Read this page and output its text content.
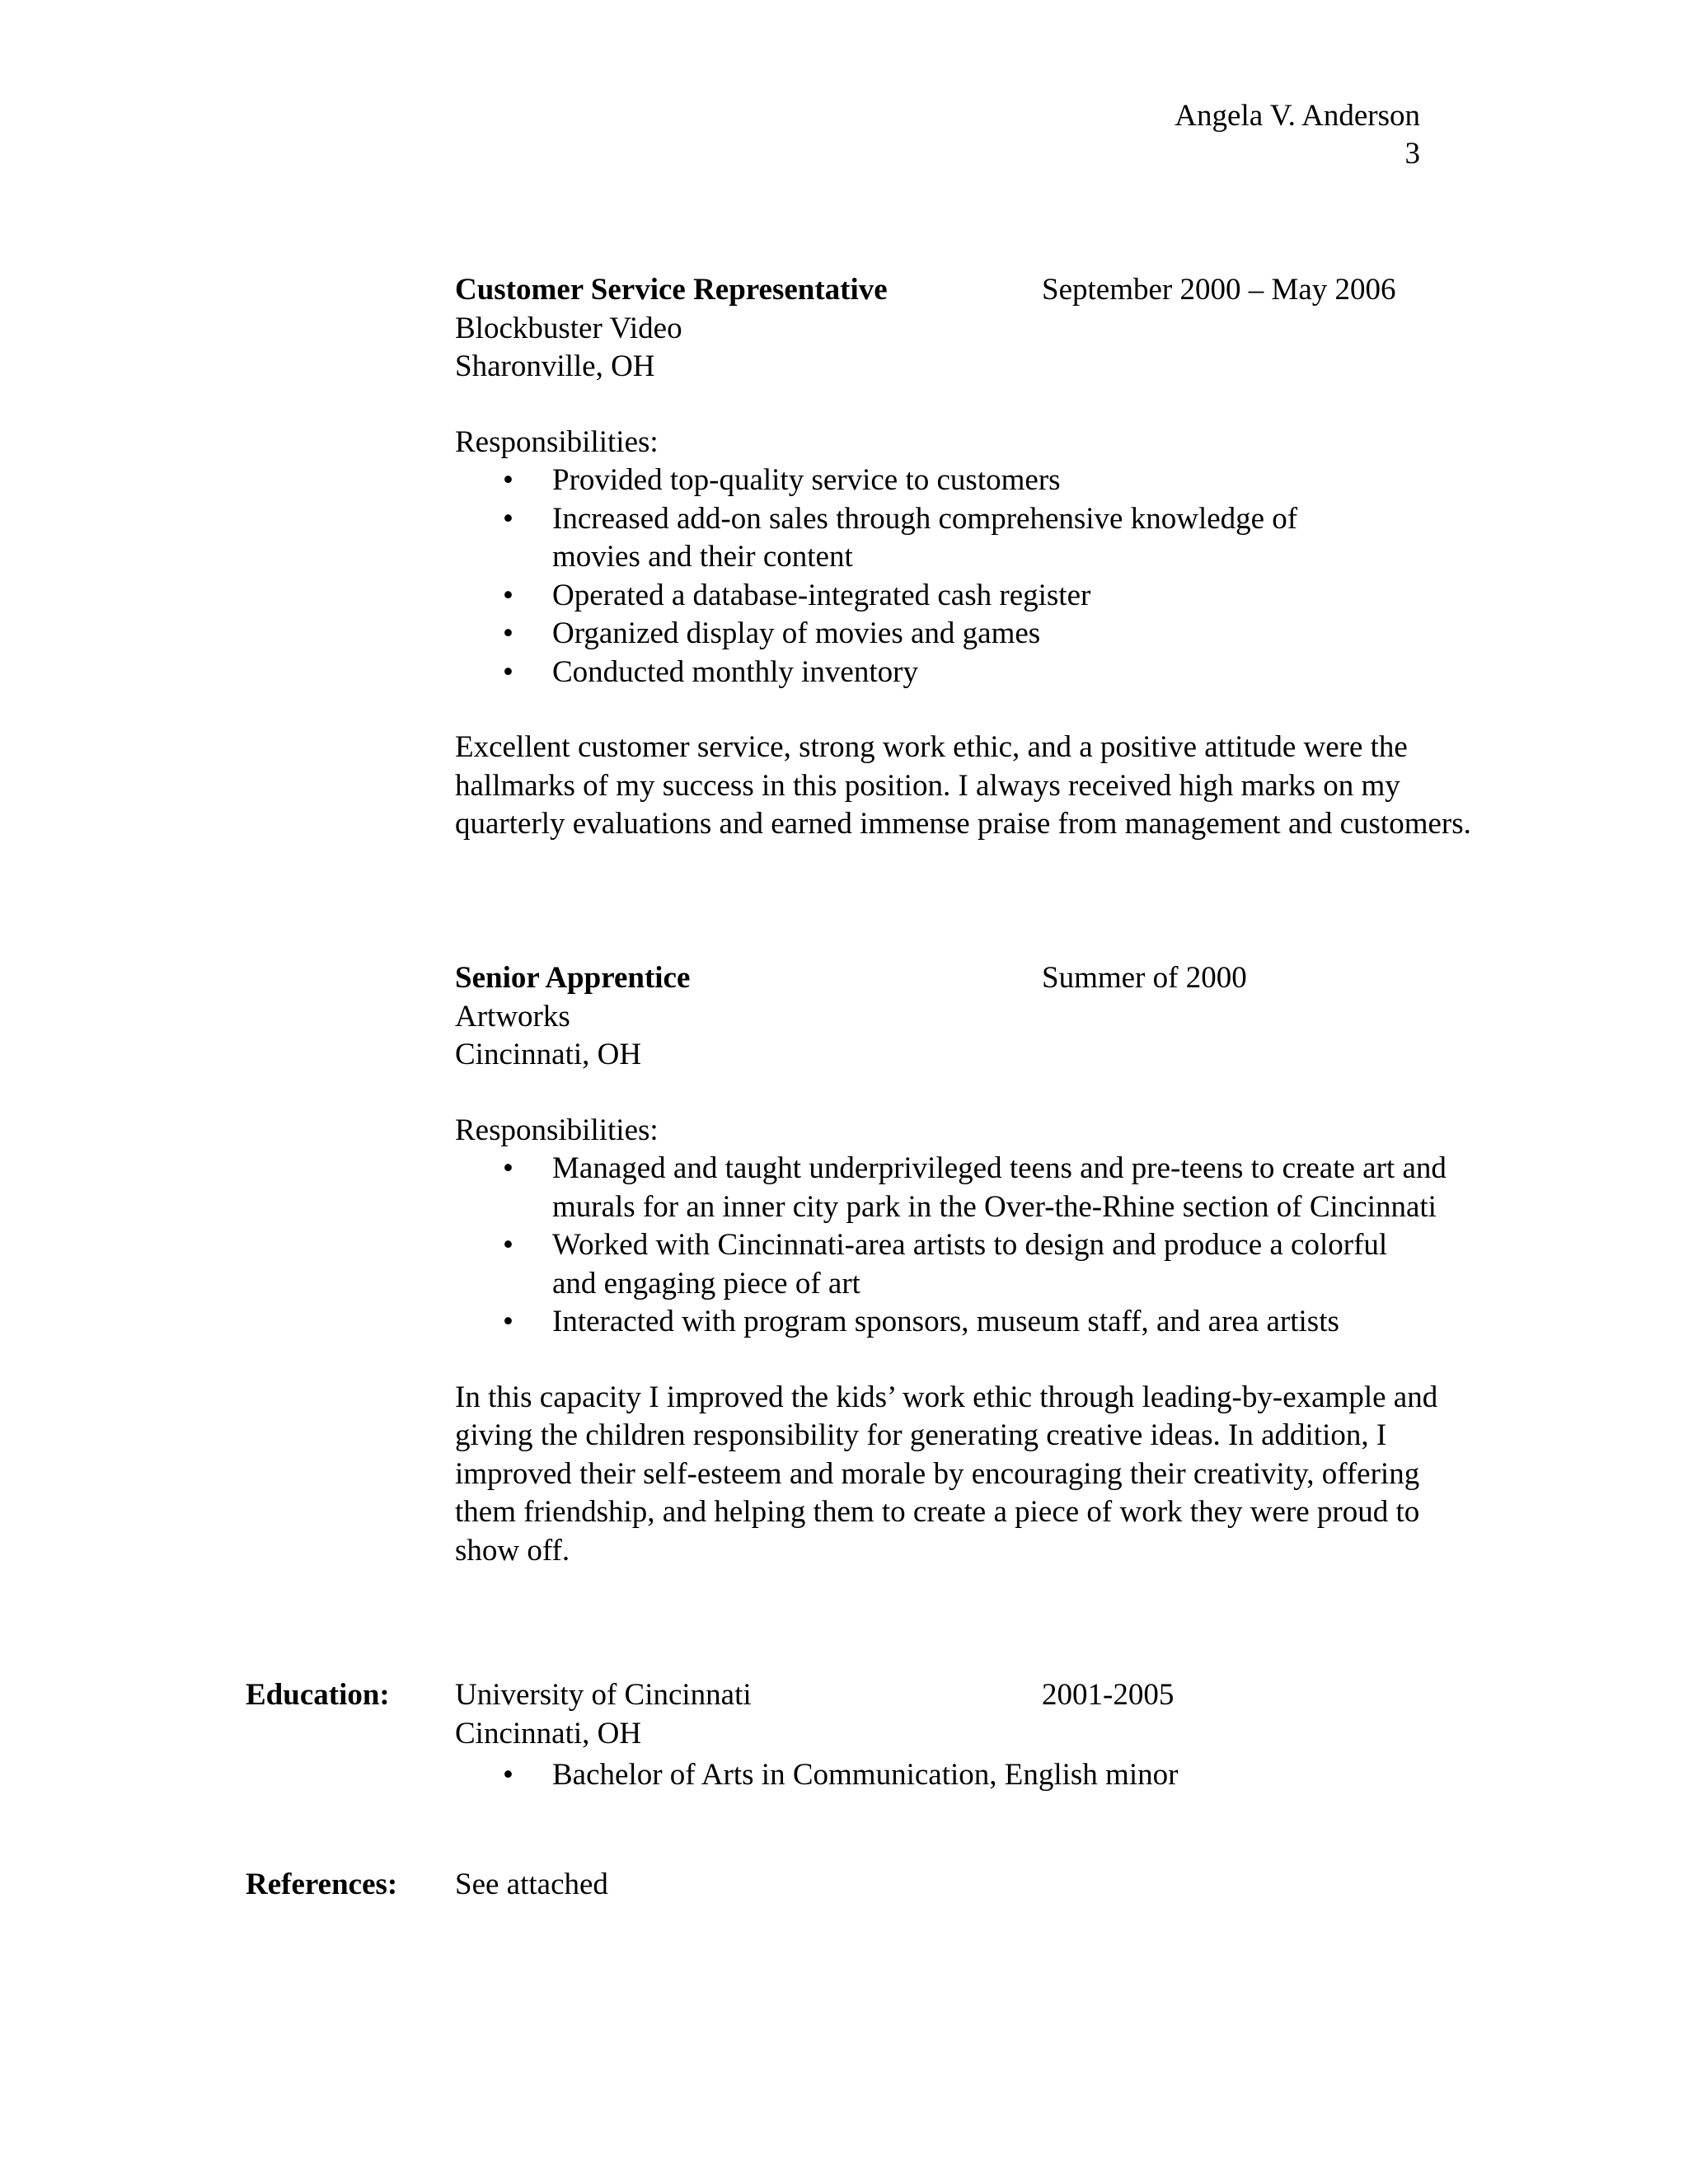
Angela V. Anderson
3
Customer Service Representative	September 2000 – May 2006
Blockbuster Video
Sharonville, OH
Responsibilities:
• Provided top-quality service to customers
• Increased add-on sales through comprehensive knowledge of movies and their content
• Operated a database-integrated cash register
• Organized display of movies and games
• Conducted monthly inventory
Excellent customer service, strong work ethic, and a positive attitude were the hallmarks of my success in this position. I always received high marks on my quarterly evaluations and earned immense praise from management and customers.
Senior Apprentice	Summer of 2000
Artworks
Cincinnati, OH
Responsibilities:
• Managed and taught underprivileged teens and pre-teens to create art and murals for an inner city park in the Over-the-Rhine section of Cincinnati
• Worked with Cincinnati-area artists to design and produce a colorful and engaging piece of art
• Interacted with program sponsors, museum staff, and area artists
In this capacity I improved the kids’ work ethic through leading-by-example and giving the children responsibility for generating creative ideas. In addition, I improved their self-esteem and morale by encouraging their creativity, offering them friendship, and helping them to create a piece of work they were proud to show off.
Education: University of Cincinnati	2001-2005
Cincinnati, OH
• Bachelor of Arts in Communication, English minor
References: See attached
